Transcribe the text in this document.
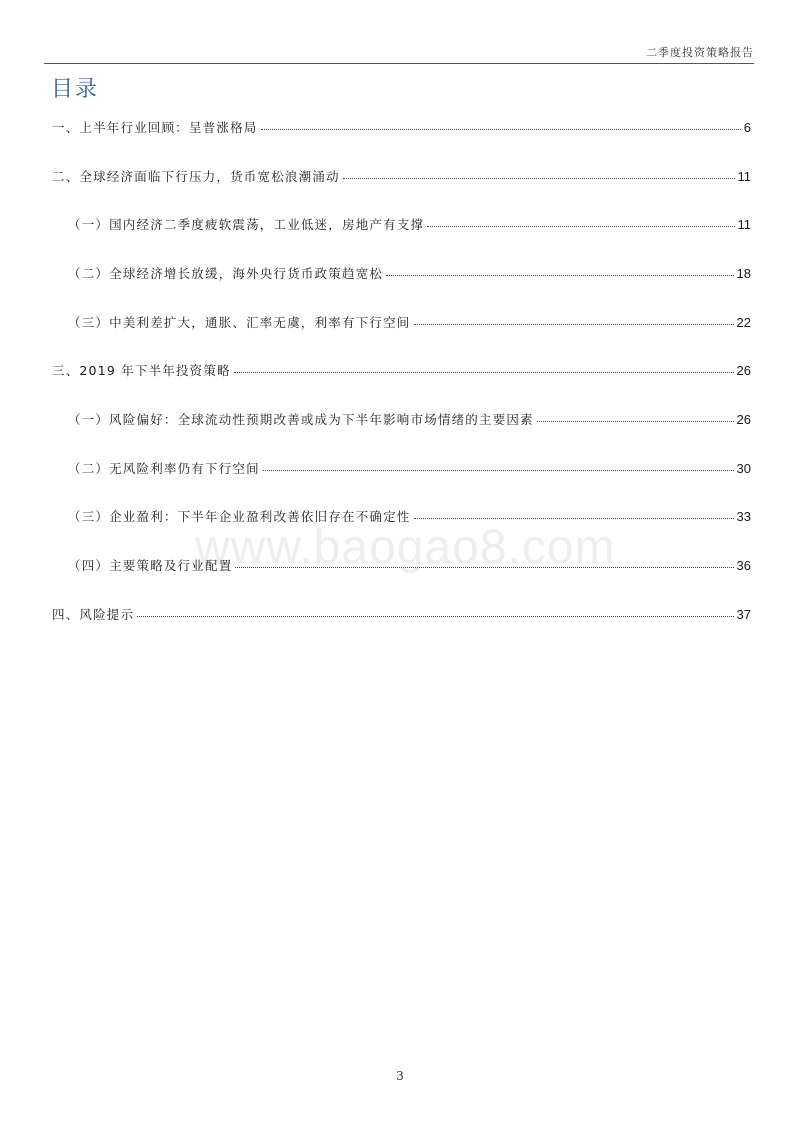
二季度投资策略报告
目录
一、上半年行业回顾：呈普涨格局	6
二、全球经济面临下行压力，货币宽松浪潮涌动	11
（一）国内经济二季度疲软震荡，工业低迷，房地产有支撑	11
（二）全球经济增长放缓，海外央行货币政策趋宽松	18
（三）中美利差扩大，通胀、汇率无虞，利率有下行空间	22
三、2019 年下半年投资策略	26
（一）风险偏好：全球流动性预期改善或成为下半年影响市场情绪的主要因素	26
（二）无风险利率仍有下行空间	30
（三）企业盈利：下半年企业盈利改善依旧存在不确定性	33
（四）主要策略及行业配置	36
四、风险提示	37
www.baogao8.com
3
